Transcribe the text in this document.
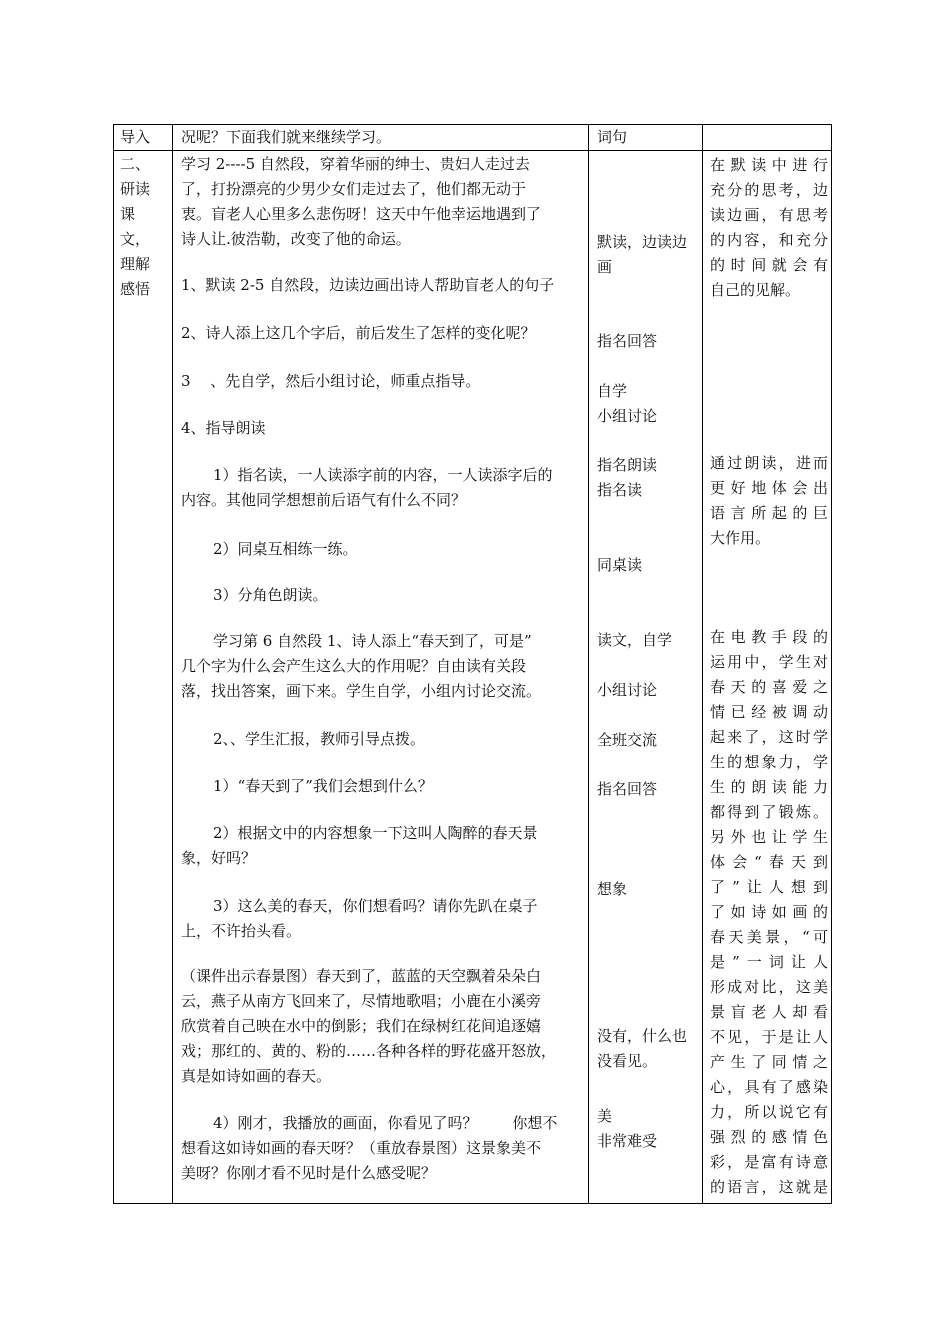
导入	况呢？下面我们就来继续学习。	词句
二、
研读
课
文，
理解
感悟
学习 2----5 自然段，穿着华丽的绅士、贵妇人走过去
了，打扮漂亮的少男少女们走过去了，他们都无动于
衷。盲老人心里多么悲伤呀！这天中午他幸运地遇到了
诗人让.彼浩勒，改变了他的命运。
1、默读 2-5 自然段，边读边画出诗人帮助盲老人的句子
2、诗人添上这几个字后，前后发生了怎样的变化呢？
3　 、先自学，然后小组讨论，师重点指导。
4、指导朗读
1）指名读，一人读添字前的内容，一人读添字后的
内容。其他同学想想前后语气有什么不同？
2）同桌互相练一练。
3）分角色朗读。
学习第 6 自然段 1、诗人添上“春天到了，可是”
几个字为什么会产生这么大的作用呢？自由读有关段
落，找出答案，画下来。学生自学，小组内讨论交流。
2、、学生汇报，教师引导点拨。
1）“春天到了”我们会想到什么？
2）根据文中的内容想象一下这叫人陶醉的春天景
象，好吗？
3）这么美的春天，你们想看吗？请你先趴在桌子
上，不许抬头看。
（课件出示春景图）春天到了，蓝蓝的天空飘着朵朵白
云，燕子从南方飞回来了，尽情地歌唱；小鹿在小溪旁
欣赏着自己映在水中的倒影；我们在绿树红花间追逐嬉
戏；那红的、黄的、粉的……各种各样的野花盛开怒放，
真是如诗如画的春天。
4）刚才，我播放的画面，你看见了吗？　　 你想不
想看这如诗如画的春天呀？（重放春景图）这景象美不
美呀？你刚才看不见时是什么感受呢？
默读，边读边
画
指名回答
自学
小组讨论
指名朗读
指名读
同桌读
读文，自学
小组讨论
全班交流
指名回答
想象
没有，什么也
没看见。
美
非常难受
在默读中进行
充分的思考，边
读边画，有思考
的内容，和充分
的时间就会有
自己的见解。
通过朗读，进而
更好地体会出
语言所起的巨
大作用。
在电教手段的
运用中，学生对
春天的喜爱之
情已经被调动
起来了，这时学
生的想象力，学
生的朗读能力
都得到了锻炼。
另外也让学生
体会“春天到
了”让人想到
了如诗如画的
春天美景，“可
是”一词让人
形成对比，这美
景盲老人却看
不见，于是让人
产生了同情之
心，具有了感染
力，所以说它有
强烈的感情色
彩，是富有诗意
的语言，这就是
